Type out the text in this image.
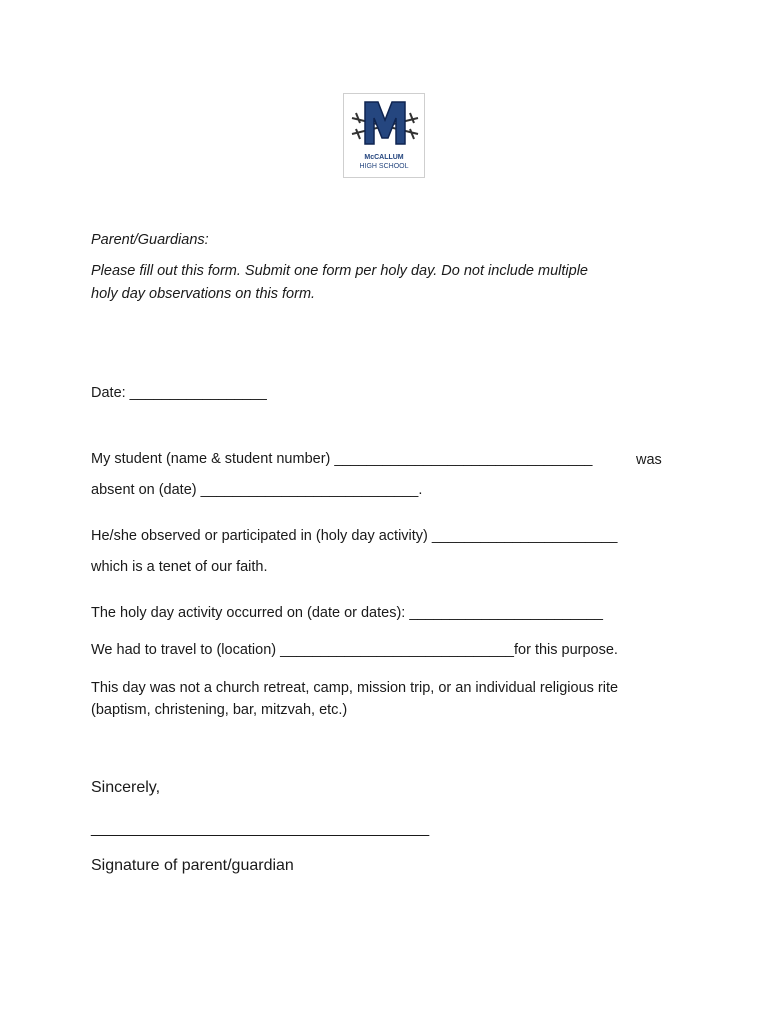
McCALLUM
HIGH SCHOOL

Parent/Guardians:

Please fill out this form. Submit one form per holy day. Do not include multiple

holy day observations on this form.

Date: _________________

My student (name & student number) ________________________________	was

absent on (date) ___________________________.

He/she observed or participated in (holy day activity) _______________________

which is a tenet of our faith.

The holy day activity occurred on (date or dates): ________________________

We had to travel to (location) _____________________________for this purpose.

This day was not a church retreat, camp, mission trip, or an individual religious rite

(baptism, christening, bar, mitzvah, etc.)

Sincerely,

______________________________________

Signature of parent/guardian
